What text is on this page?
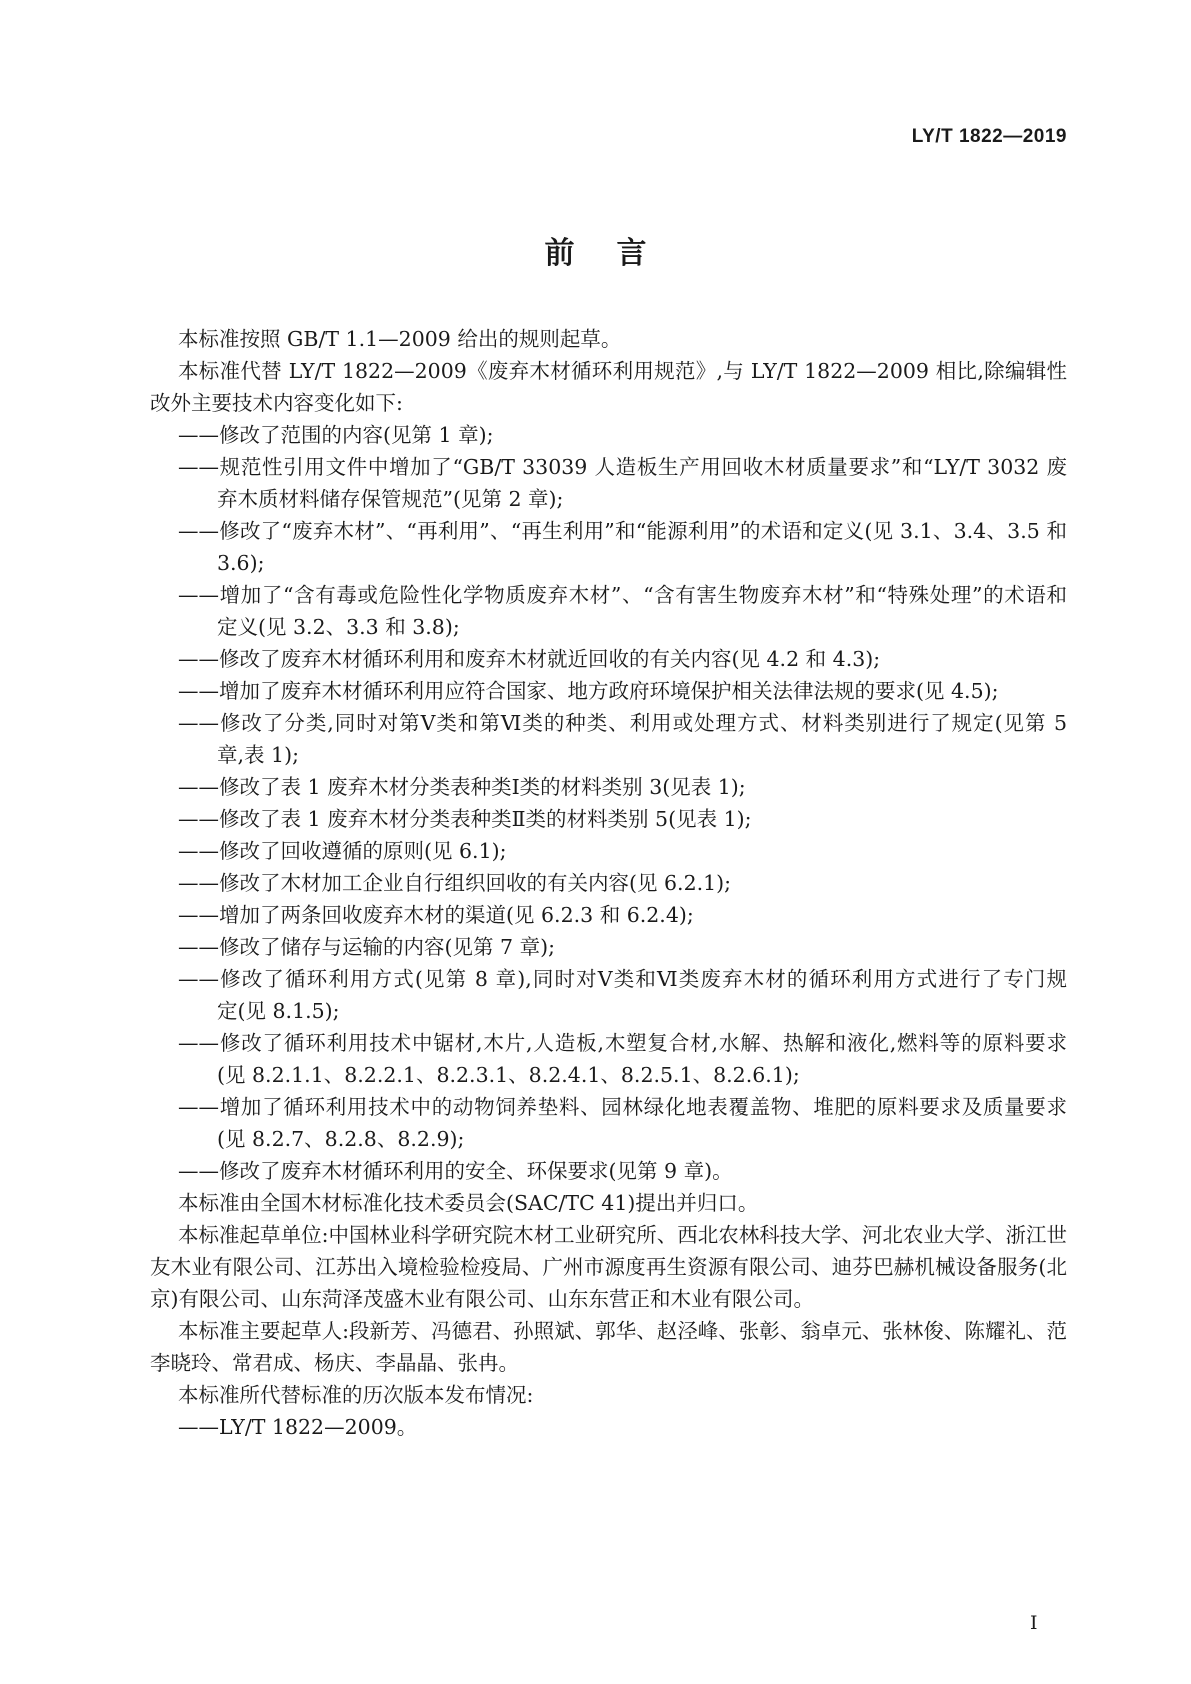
LY/T 1822—2019
前言
本标准按照 GB/T 1.1—2009 给出的规则起草。
本标准代替 LY/T 1822—2009《废弃木材循环利用规范》,与 LY/T 1822—2009 相比,除编辑性
改外主要技术内容变化如下:
——修改了范围的内容(见第 1 章);
——规范性引用文件中增加了“GB/T 33039 人造板生产用回收木材质量要求”和“LY/T 3032 废
弃木质材料储存保管规范”(见第 2 章);
——修改了“废弃木材”、“再利用”、“再生利用”和“能源利用”的术语和定义(见 3.1、3.4、3.5 和
3.6);
——增加了“含有毒或危险性化学物质废弃木材”、“含有害生物废弃木材”和“特殊处理”的术语和
定义(见 3.2、3.3 和 3.8);
——修改了废弃木材循环利用和废弃木材就近回收的有关内容(见 4.2 和 4.3);
——增加了废弃木材循环利用应符合国家、地方政府环境保护相关法律法规的要求(见 4.5);
——修改了分类,同时对第Ⅴ类和第Ⅵ类的种类、利用或处理方式、材料类别进行了规定(见第 5
章,表 1);
——修改了表 1 废弃木材分类表种类Ⅰ类的材料类别 3(见表 1);
——修改了表 1 废弃木材分类表种类Ⅱ类的材料类别 5(见表 1);
——修改了回收遵循的原则(见 6.1);
——修改了木材加工企业自行组织回收的有关内容(见 6.2.1);
——增加了两条回收废弃木材的渠道(见 6.2.3 和 6.2.4);
——修改了储存与运输的内容(见第 7 章);
——修改了循环利用方式(见第 8 章),同时对Ⅴ类和Ⅵ类废弃木材的循环利用方式进行了专门规
定(见 8.1.5);
——修改了循环利用技术中锯材,木片,人造板,木塑复合材,水解、热解和液化,燃料等的原料要求
(见 8.2.1.1、8.2.2.1、8.2.3.1、8.2.4.1、8.2.5.1、8.2.6.1);
——增加了循环利用技术中的动物饲养垫料、园林绿化地表覆盖物、堆肥的原料要求及质量要求
(见 8.2.7、8.2.8、8.2.9);
——修改了废弃木材循环利用的安全、环保要求(见第 9 章)。
本标准由全国木材标准化技术委员会(SAC/TC 41)提出并归口。
本标准起草单位:中国林业科学研究院木材工业研究所、西北农林科技大学、河北农业大学、浙江世
友木业有限公司、江苏出入境检验检疫局、广州市源度再生资源有限公司、迪芬巴赫机械设备服务(北
京)有限公司、山东菏泽茂盛木业有限公司、山东东营正和木业有限公司。
本标准主要起草人:段新芳、冯德君、孙照斌、郭华、赵泾峰、张彰、翁卓元、张林俊、陈耀礼、范
李晓玲、常君成、杨庆、李晶晶、张冉。
本标准所代替标准的历次版本发布情况:
——LY/T 1822—2009。
I
